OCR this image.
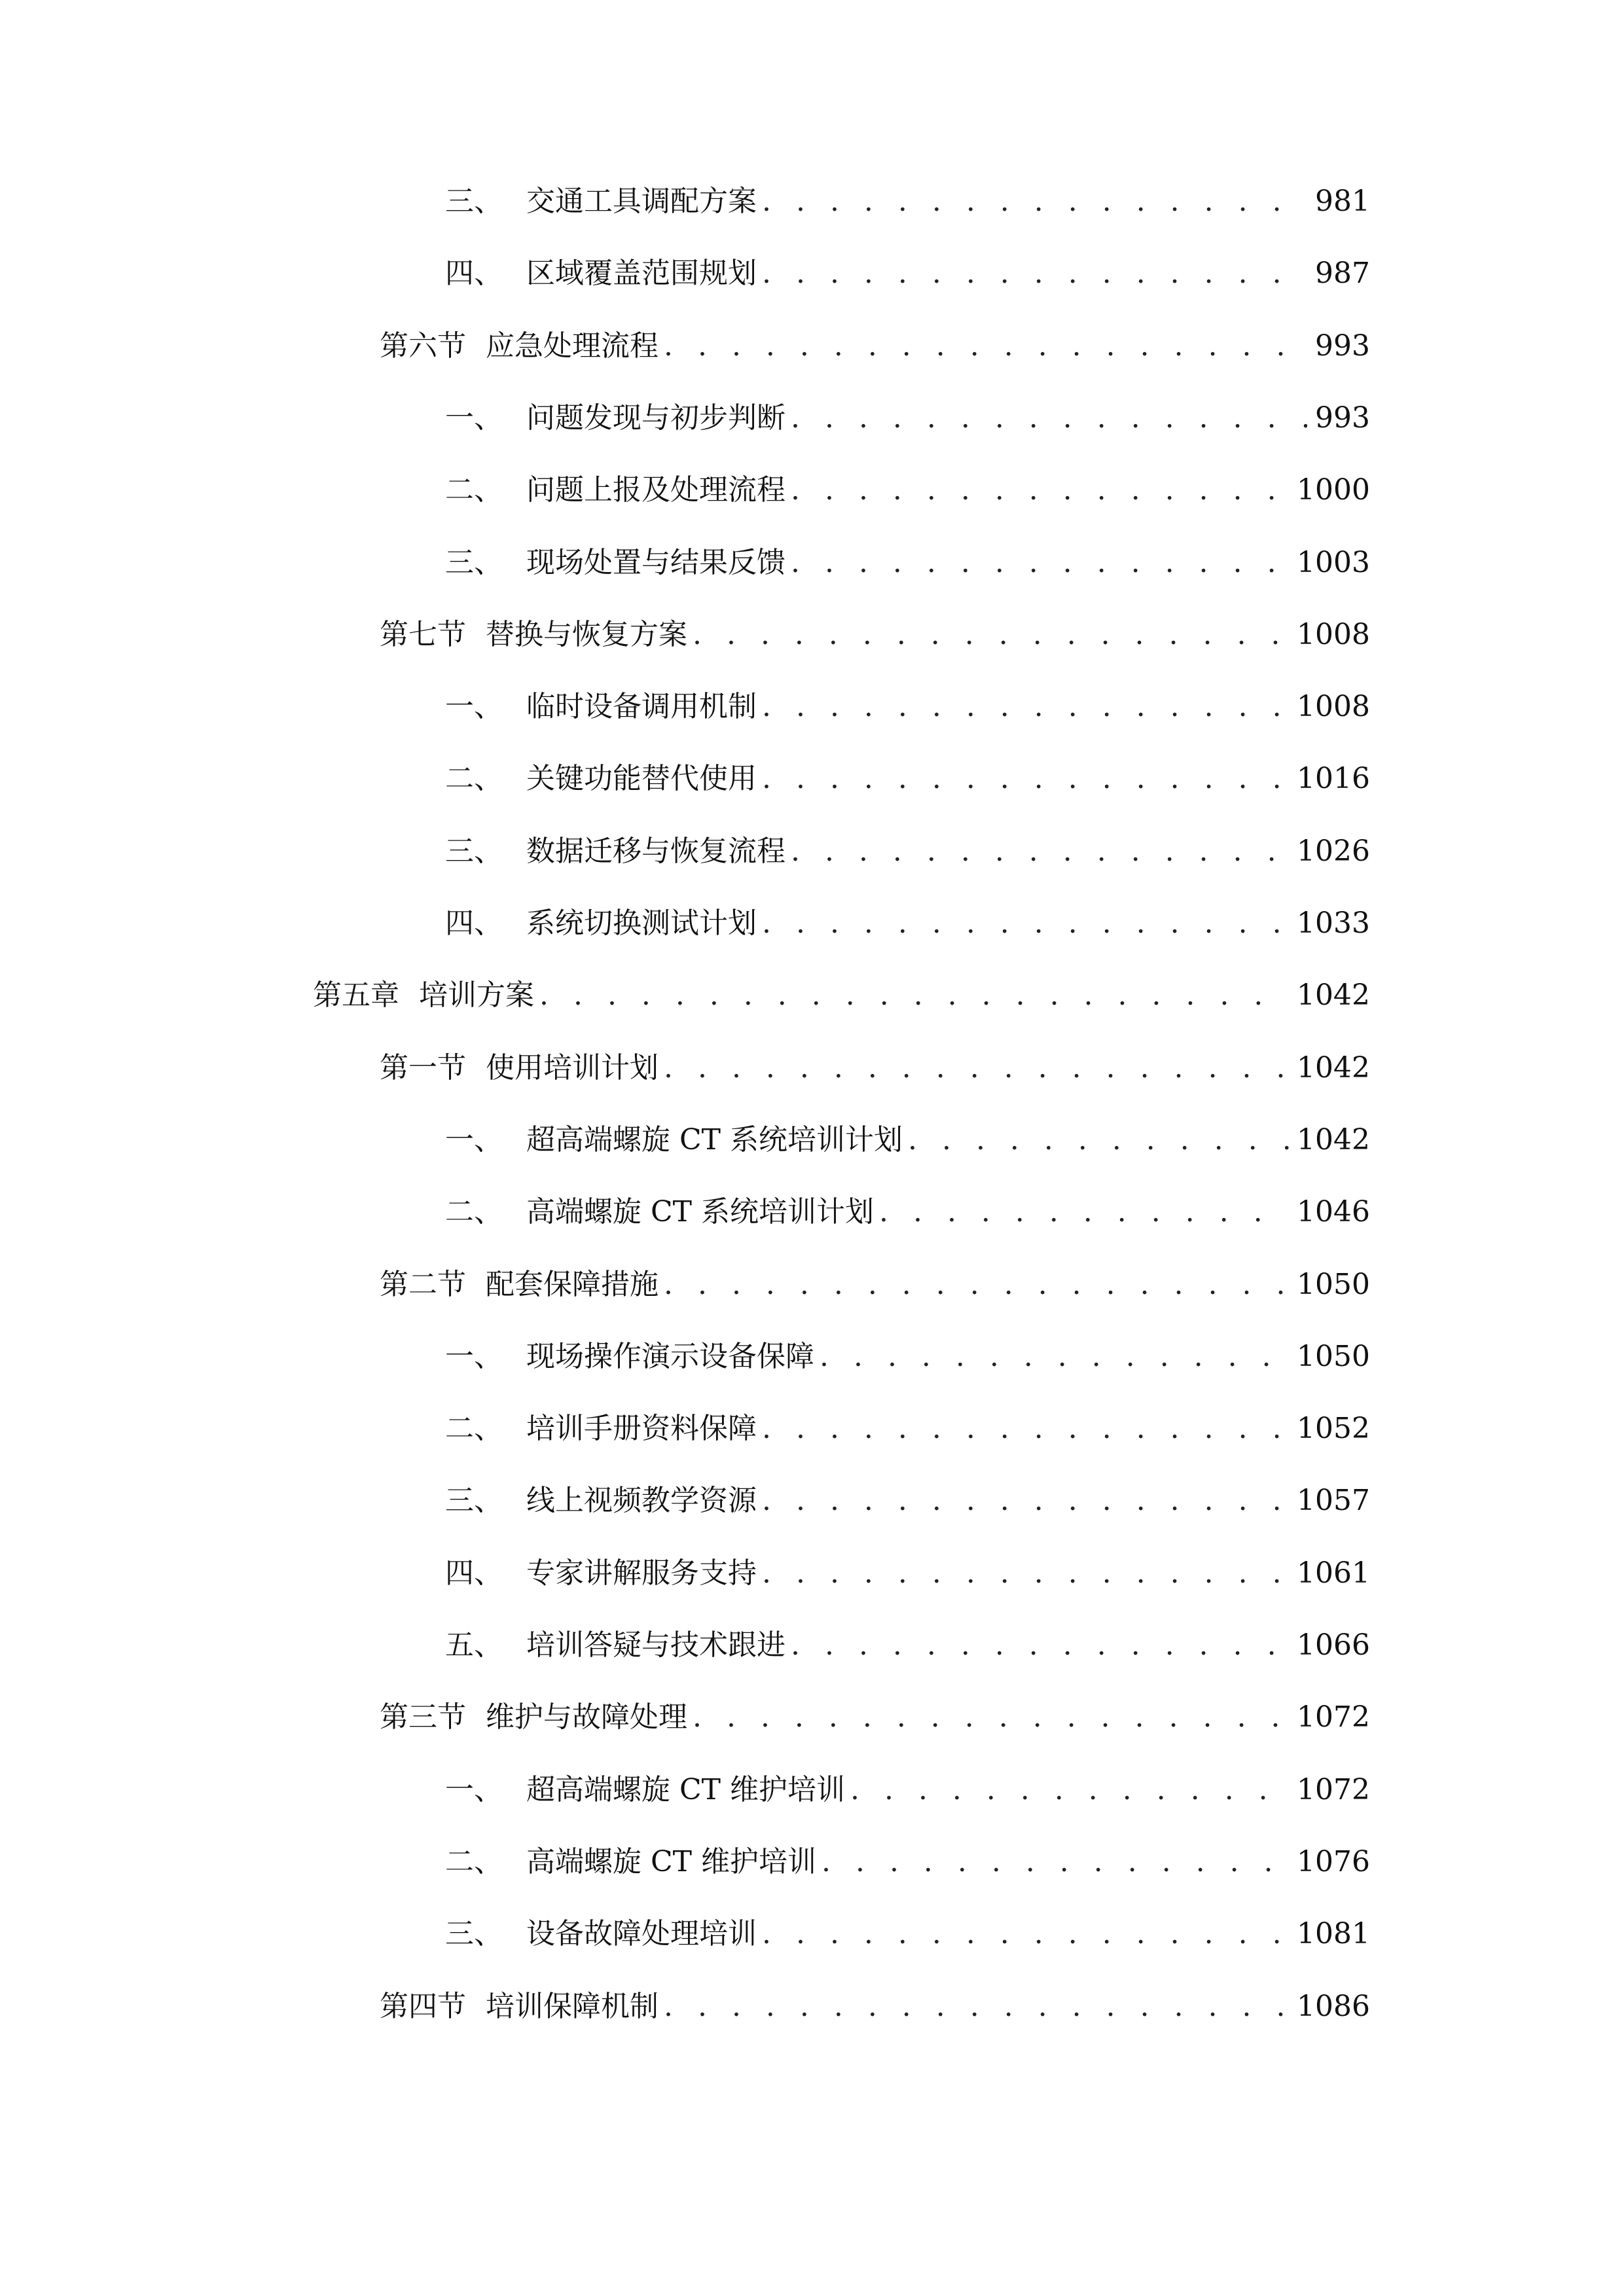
三、 交通工具调配方案 . . .	981
四、 区域覆盖范围规划 . . .	987
第六节 应急处理流程 . . .	993
一、 问题发现与初步判断 . . .	993
二、 问题上报及处理流程 . . .	1000
三、 现场处置与结果反馈 . . .	1003
第七节 替换与恢复方案 . . .	1008
一、 临时设备调用机制 . . .	1008
二、 关键功能替代使用 . . .	1016
三、 数据迁移与恢复流程 . . .	1026
四、 系统切换测试计划 . . .	1033
第五章 培训方案 . . .	1042
第一节 使用培训计划 . . .	1042
一、 超高端螺旋 CT 系统培训计划 . . .	1042
二、 高端螺旋 CT 系统培训计划 . . .	1046
第二节 配套保障措施 . . .	1050
一、 现场操作演示设备保障 . . .	1050
二、 培训手册资料保障 . . .	1052
三、 线上视频教学资源 . . .	1057
四、 专家讲解服务支持 . . .	1061
五、 培训答疑与技术跟进 . . .	1066
第三节 维护与故障处理 . . .	1072
一、 超高端螺旋 CT 维护培训 . . .	1072
二、 高端螺旋 CT 维护培训 . . .	1076
三、 设备故障处理培训 . . .	1081
第四节 培训保障机制 . . .	1086
